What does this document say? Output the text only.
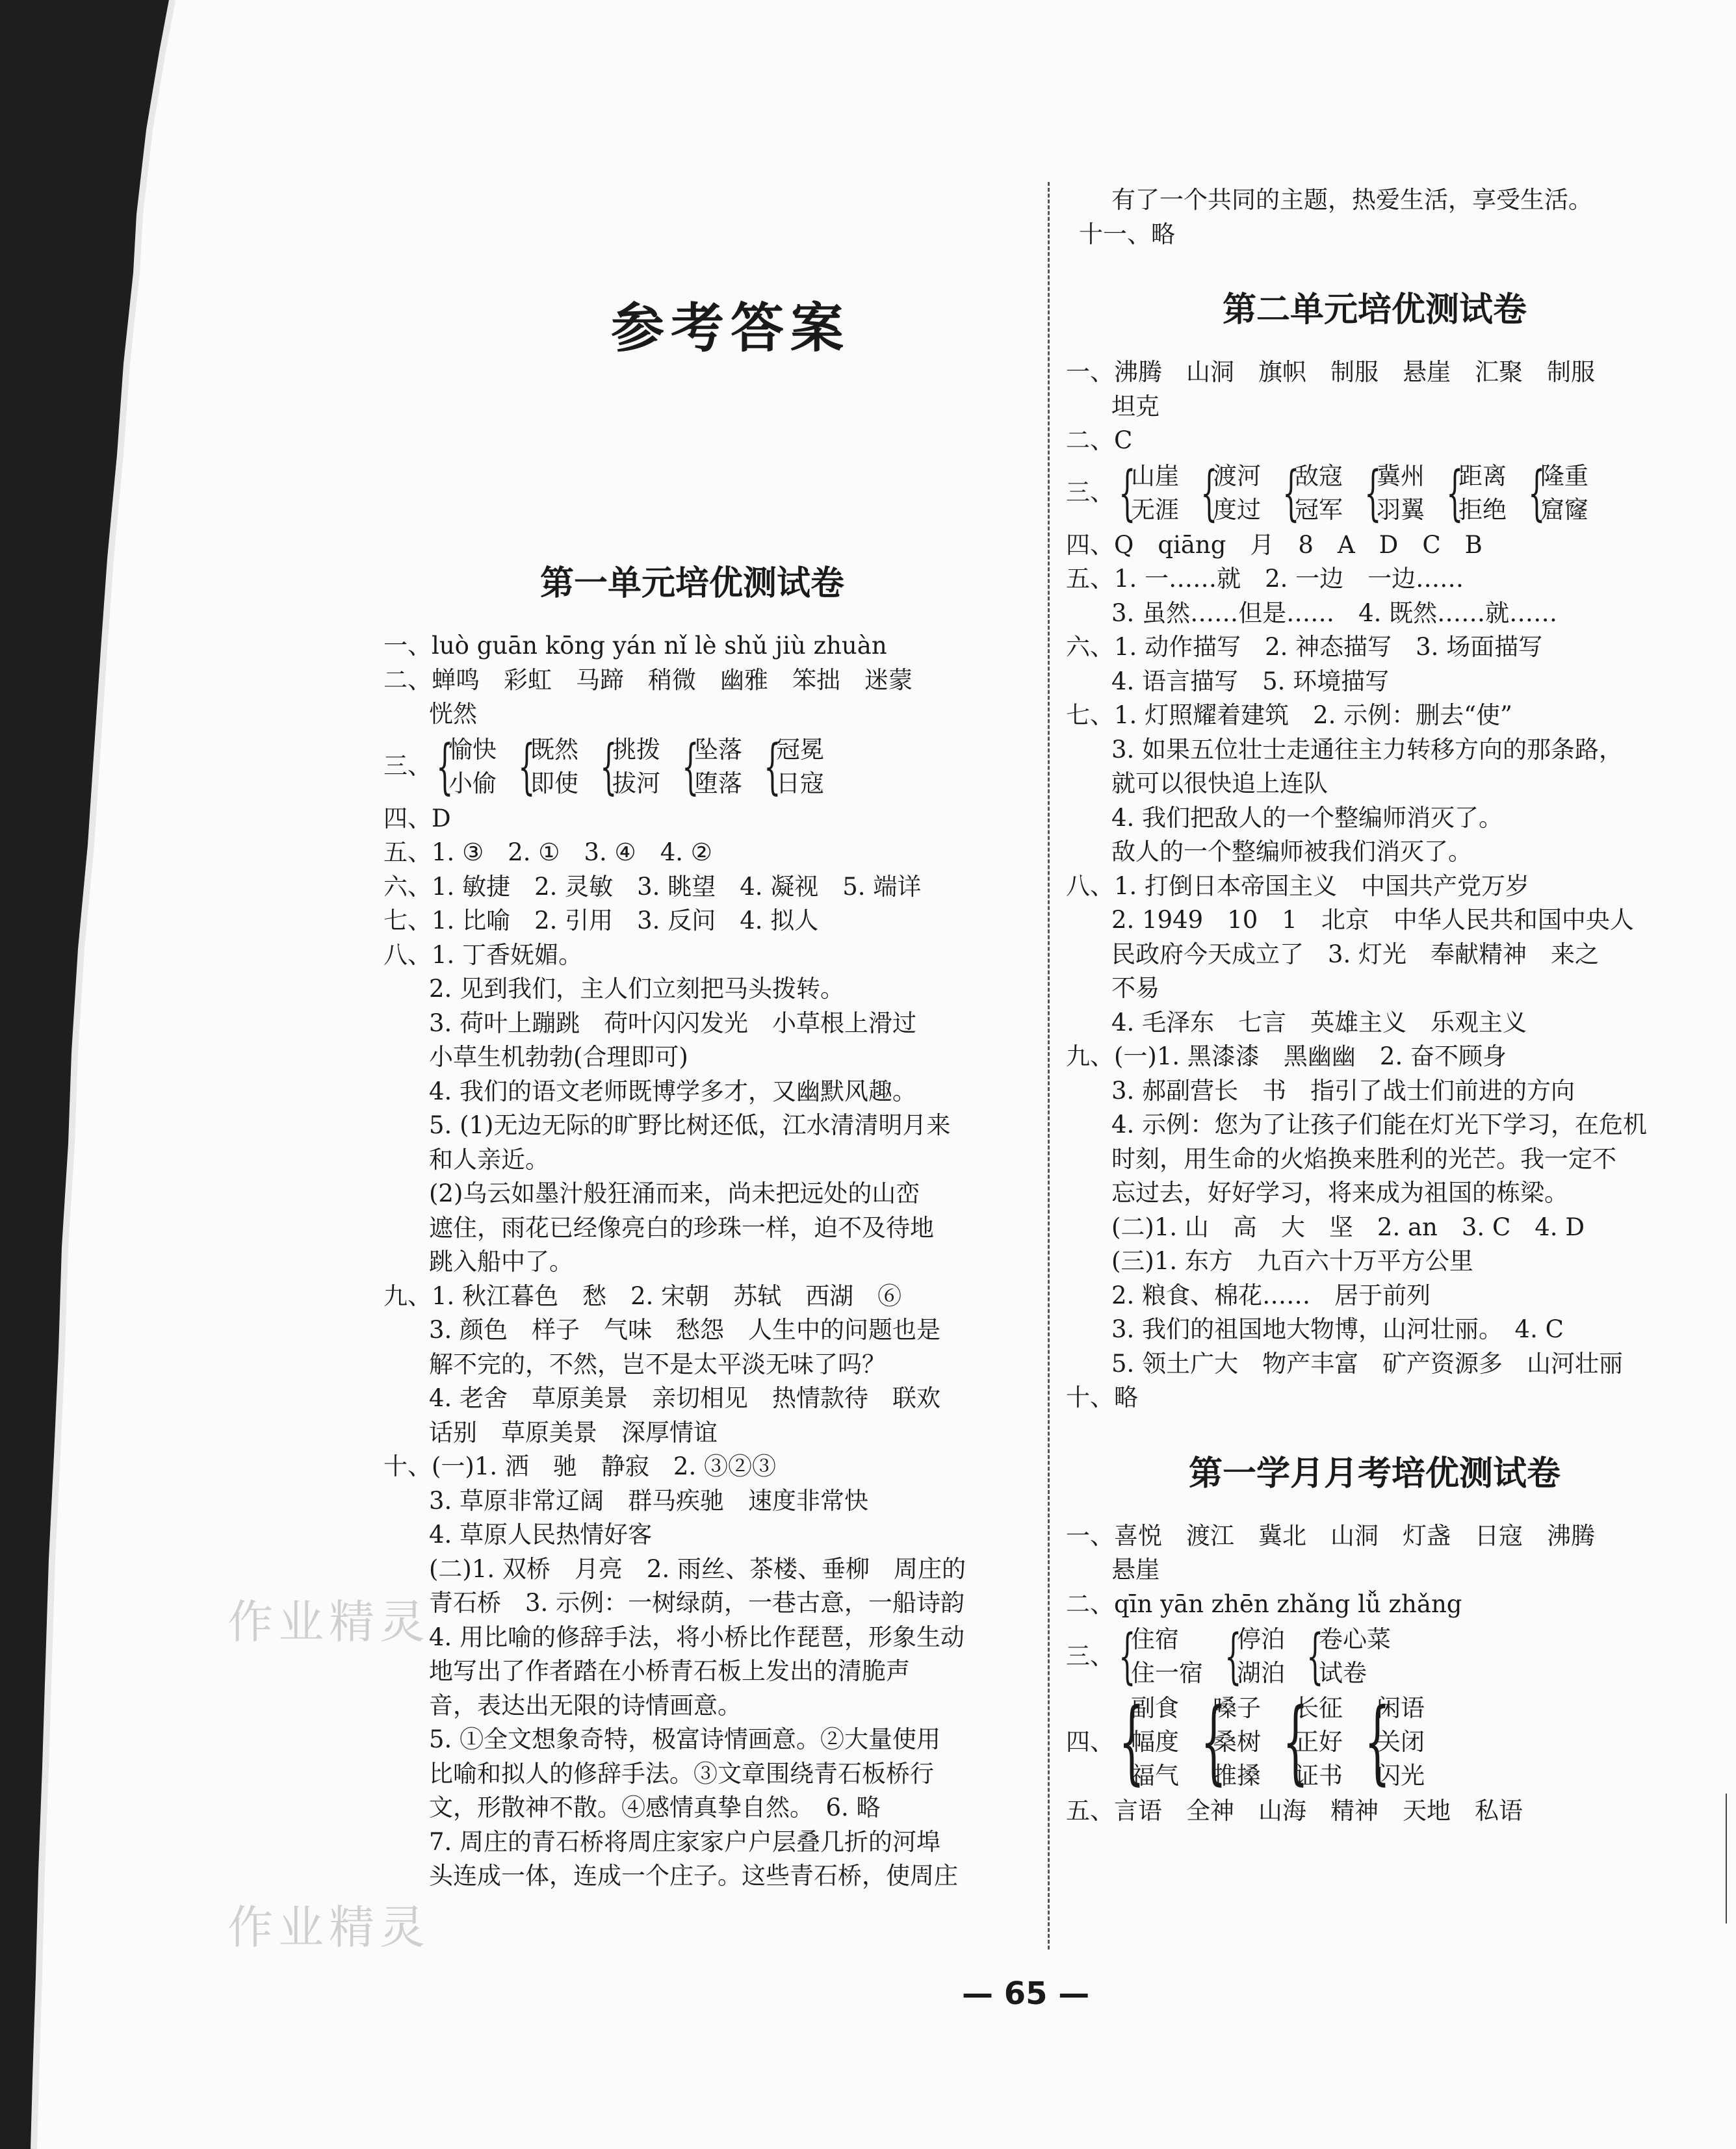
作业精灵
作业精灵
参考答案
第一单元培优测试卷
一、 luò guān kōng yán nǐ lè shǔ jiù zhuàn
二、 蝉鸣　彩虹　马蹄　稍微　幽雅　笨拙　迷蒙
恍然
三、 {
愉快
小偷 {
既然
即使 {
挑拨
拔河 {
坠落
堕落 {
冠冕
日寇
四、 D
五、 1. ③　2. ①　3. ④　4. ②
六、 1. 敏捷　2. 灵敏　3. 眺望　4. 凝视　5. 端详
七、 1. 比喻　2. 引用　3. 反问　4. 拟人
八、 1. 丁香妩媚。
2. 见到我们，主人们立刻把马头拨转。
3. 荷叶上蹦跳　荷叶闪闪发光　小草根上滑过
小草生机勃勃(合理即可)
4. 我们的语文老师既博学多才，又幽默风趣。
5. (1)无边无际的旷野比树还低，江水清清明月来
和人亲近。
(2)乌云如墨汁般狂涌而来，尚未把远处的山峦
遮住，雨花已经像亮白的珍珠一样，迫不及待地
跳入船中了。
九、 1. 秋江暮色　愁　2. 宋朝　苏轼　西湖　⑥
3. 颜色　样子　气味　愁怨　人生中的问题也是
解不完的，不然，岂不是太平淡无味了吗？
4. 老舍　草原美景　亲切相见　热情款待　联欢
话别　草原美景　深厚情谊
十、 (一)1. 洒　驰　静寂　2. ③②③
3. 草原非常辽阔　群马疾驰　速度非常快
4. 草原人民热情好客
(二)1. 双桥　月亮　2. 雨丝、茶楼、垂柳　周庄的
青石桥　3. 示例：一树绿荫，一巷古意，一船诗韵
4. 用比喻的修辞手法，将小桥比作琵琶，形象生动
地写出了作者踏在小桥青石板上发出的清脆声
音，表达出无限的诗情画意。
5. ①全文想象奇特，极富诗情画意。②大量使用
比喻和拟人的修辞手法。③文章围绕青石板桥行
文，形散神不散。④感情真挚自然。　6. 略
7. 周庄的青石桥将周庄家家户户层叠几折的河埠
头连成一体，连成一个庄子。这些青石桥，使周庄
有了一个共同的主题，热爱生活，享受生活。
十一、 略
第二单元培优测试卷
一、 沸腾　山洞　旗帜　制服　悬崖　汇聚　制服
坦克
二、 C
三、 {
山崖
无涯 {
渡河
度过 {
敌寇
冠军 {
冀州
羽翼 {
距离
拒绝 {
隆重
窟窿
四、 Q　qiāng　月　8　A　D　C　B
五、 1. 一……就　2. 一边　一边……
3. 虽然……但是……　4. 既然……就……
六、 1. 动作描写　2. 神态描写　3. 场面描写
4. 语言描写　5. 环境描写
七、 1. 灯照耀着建筑　2. 示例：删去“使”
3. 如果五位壮士走通往主力转移方向的那条路，
就可以很快追上连队
4. 我们把敌人的一个整编师消灭了。
敌人的一个整编师被我们消灭了。
八、 1. 打倒日本帝国主义　中国共产党万岁
2. 1949　10　1　北京　中华人民共和国中央人
民政府今天成立了　3. 灯光　奉献精神　来之
不易
4. 毛泽东　七言　英雄主义　乐观主义
九、 (一)1. 黑漆漆　黑幽幽　2. 奋不顾身
3. 郝副营长　书　指引了战士们前进的方向
4. 示例：您为了让孩子们能在灯光下学习，在危机
时刻，用生命的火焰换来胜利的光芒。我一定不
忘过去，好好学习，将来成为祖国的栋梁。
(二)1. 山　高　大　坚　2. an　3. C　4. D
(三)1. 东方　九百六十万平方公里
2. 粮食、棉花……　居于前列
3. 我们的祖国地大物博，山河壮丽。　4. C
5. 领土广大　物产丰富　矿产资源多　山河壮丽
十、 略
第一学月月考培优测试卷
一、 喜悦　渡江　冀北　山洞　灯盏　日寇　沸腾
悬崖
二、 qīn yān zhēn zhǎng lǚ zhǎng
三、 {
住宿
住一宿 {
停泊
湖泊 {
卷心菜
试卷
四、 {
副食
幅度
福气 {
嗓子
桑树
推搡 {
长征
正好
证书 {
闲语
关闭
闪光
五、 言语　全神　山海　精神　天地　私语
— 65 —
